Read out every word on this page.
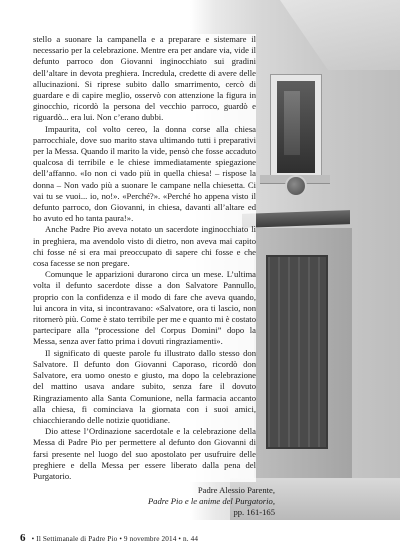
stello a suonare la campanella e a preparare e sistemare il necessario per la celebrazione. Mentre era per andare via, vide il defunto parroco don Giovanni inginocchiato sui gradini dell’altare in devota preghiera. Incredula, credette di avere delle allucinazioni. Si riprese subito dallo smarrimento, cercò di guardare e di capire meglio, osservò con attenzione la figura in ginocchio, ricordò la persona del vecchio parroco, guardò e riguardò... era lui. Non c’erano dubbi.

Impaurita, col volto cereo, la donna corse alla chiesa parrocchiale, dove suo marito stava ultimando tutti i preparativi per la Messa. Quando il marito la vide, pensò che fosse accaduto qualcosa di terribile e le chiese immediatamente spiegazione dell’affanno. «Io non ci vado più in quella chiesa! – rispose la donna – Non vado più a suonare le campane nella chiesetta. Ci vai tu se vuoi... io, no!». «Perché?». «Perché ho appena visto il defunto parroco, don Giovanni, in chiesa, davanti all’altare ed ho avuto ed ho tanta paura!».

Anche Padre Pio aveva notato un sacerdote inginocchiato lì in preghiera, ma avendolo visto di dietro, non aveva mai capito chi fosse né si era mai preoccupato di sapere chi fosse e che cosa facesse se non pregare.

Comunque le apparizioni durarono circa un mese. L’ultima volta il defunto sacerdote disse a don Salvatore Pannullo, proprio con la confidenza e il modo di fare che aveva quando, lui ancora in vita, si incontravano: «Salvatore, ora ti lascio, non ritornerò più. Come è stato terribile per me e quanto mi è costato partecipare alla “processione del Corpus Domini” dopo la Messa, senza aver fatto prima i dovuti ringraziamenti».

Il significato di queste parole fu illustrato dallo stesso don Salvatore. Il defunto don Giovanni Caporaso, ricordò don Salvatore, era uomo onesto e giusto, ma dopo la celebrazione del mattino usava andare subito, senza fare il dovuto Ringraziamento alla Santa Comunione, nella farmacia accanto alla chiesa, fi cominciava la giornata con i suoi amici, chiacchierando delle notizie quotidiane.

Dio attese l’Ordinazione sacerdotale e la celebrazione della Messa di Padre Pio per permettere al defunto don Giovanni di farsi presente nel luogo del suo apostolato per usufruire delle preghiere e della Messa per essere liberato dalla pena del Purgatorio.

Padre Alessio Parente,
Padre Pio e le anime del Purgatorio,
pp. 161-165
6 • Il Settimanale di Padre Pio • 9 novembre 2014 • n. 44
